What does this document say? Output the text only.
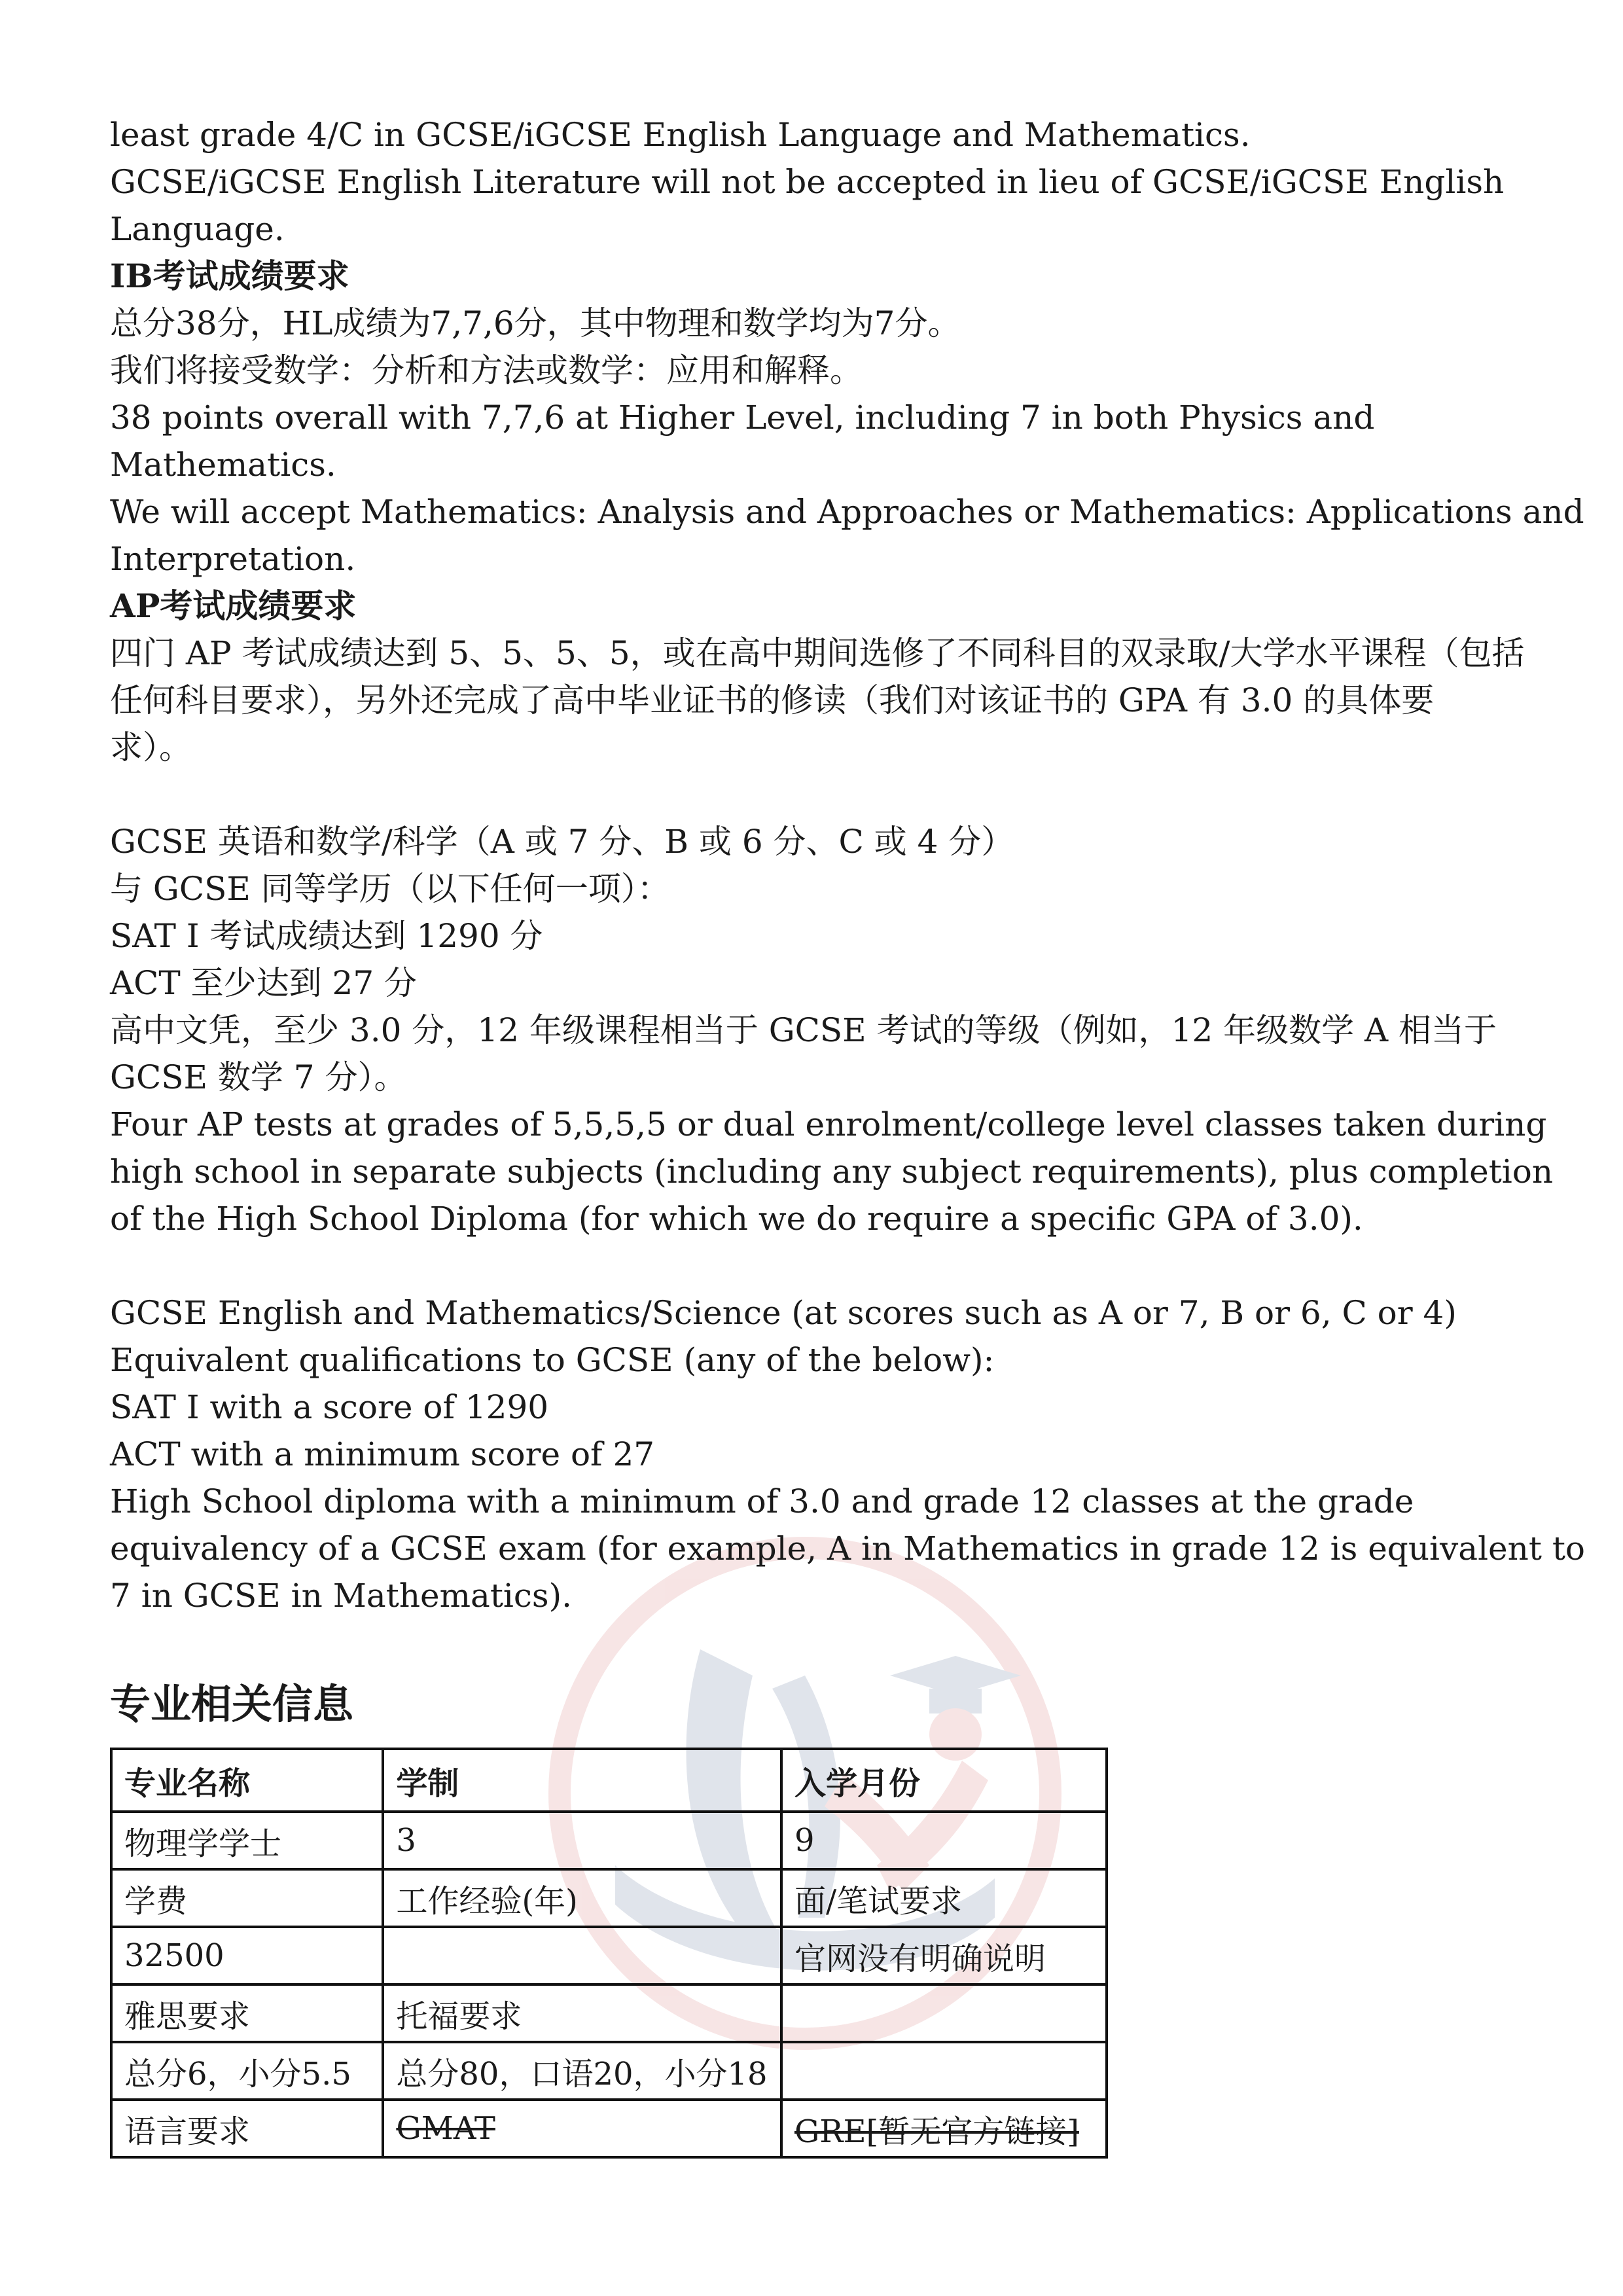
least grade 4/C in GCSE/iGCSE English Language and Mathematics.

GCSE/iGCSE English Literature will not be accepted in lieu of GCSE/iGCSE English

Language.

IB考试成绩要求

总分38分，HL成绩为7,7,6分，其中物理和数学均为7分。

我们将接受数学：分析和方法或数学：应用和解释。

38 points overall with 7,7,6 at Higher Level, including 7 in both Physics and

Mathematics.

We will accept Mathematics: Analysis and Approaches or Mathematics: Applications and

Interpretation.

AP考试成绩要求

四门 AP 考试成绩达到 5、5、5、5，或在高中期间选修了不同科目的双录取/大学水平课程（包括

任何科目要求），另外还完成了高中毕业证书的修读（我们对该证书的 GPA 有 3.0 的具体要

求）。

GCSE 英语和数学/科学（A 或 7 分、B 或 6 分、C 或 4 分）

与 GCSE 同等学历（以下任何一项）：

SAT I 考试成绩达到 1290 分

ACT 至少达到 27 分

高中文凭，至少 3.0 分，12 年级课程相当于 GCSE 考试的等级（例如，12 年级数学 A 相当于

GCSE 数学 7 分）。

Four AP tests at grades of 5,5,5,5 or dual enrolment/college level classes taken during

high school in separate subjects (including any subject requirements), plus completion

of the High School Diploma (for which we do require a specific GPA of 3.0).

GCSE English and Mathematics/Science (at scores such as A or 7, B or 6, C or 4)

Equivalent qualifications to GCSE (any of the below):

SAT I with a score of 1290

ACT with a minimum score of 27

High School diploma with a minimum of 3.0 and grade 12 classes at the grade

equivalency of a GCSE exam (for example, A in Mathematics in grade 12 is equivalent to

7 in GCSE in Mathematics).

专业相关信息
专业名称	学制	入学月份
物理学学士	3	9
学费	工作经验(年)	面/笔试要求
32500		官网没有明确说明
雅思要求	托福要求	
总分6，小分5.5	总分80，口语20，小分18	
语言要求	GMAT	GRE[暂无官方链接]
